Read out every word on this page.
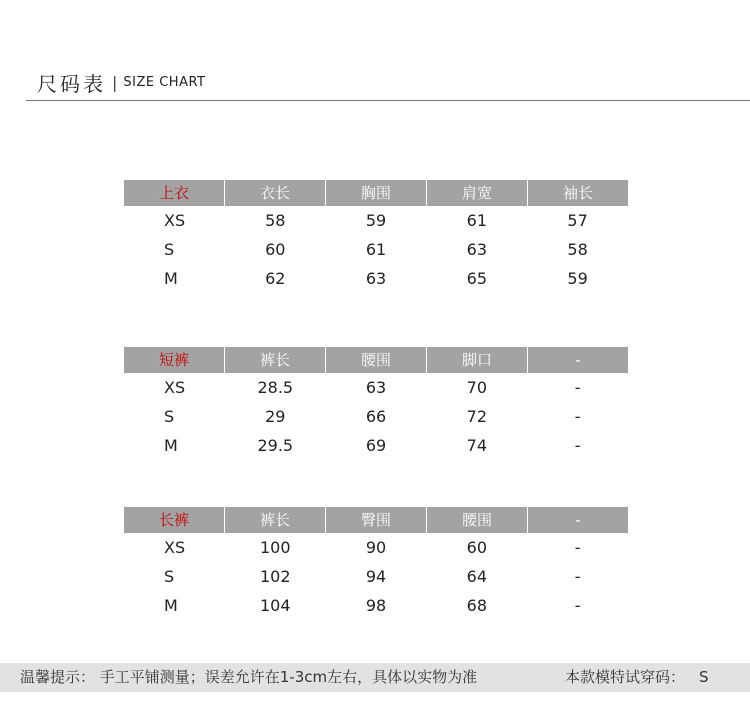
尺码表 | SIZE CHART
上衣	衣长	胸围	肩宽	袖长
XS	58	59	61	57
S	60	61	63	58
M	62	63	65	59
短裤	裤长	腰围	脚口	-
XS	28.5	63	70	-
S	29	66	72	-
M	29.5	69	74	-
长裤	裤长	臀围	腰围	-
XS	100	90	60	-
S	102	94	64	-
M	104	98	68	-
温馨提示： 手工平铺测量；误差允许在1-3cm左右，具体以实物为准	本款模特试穿码： S
